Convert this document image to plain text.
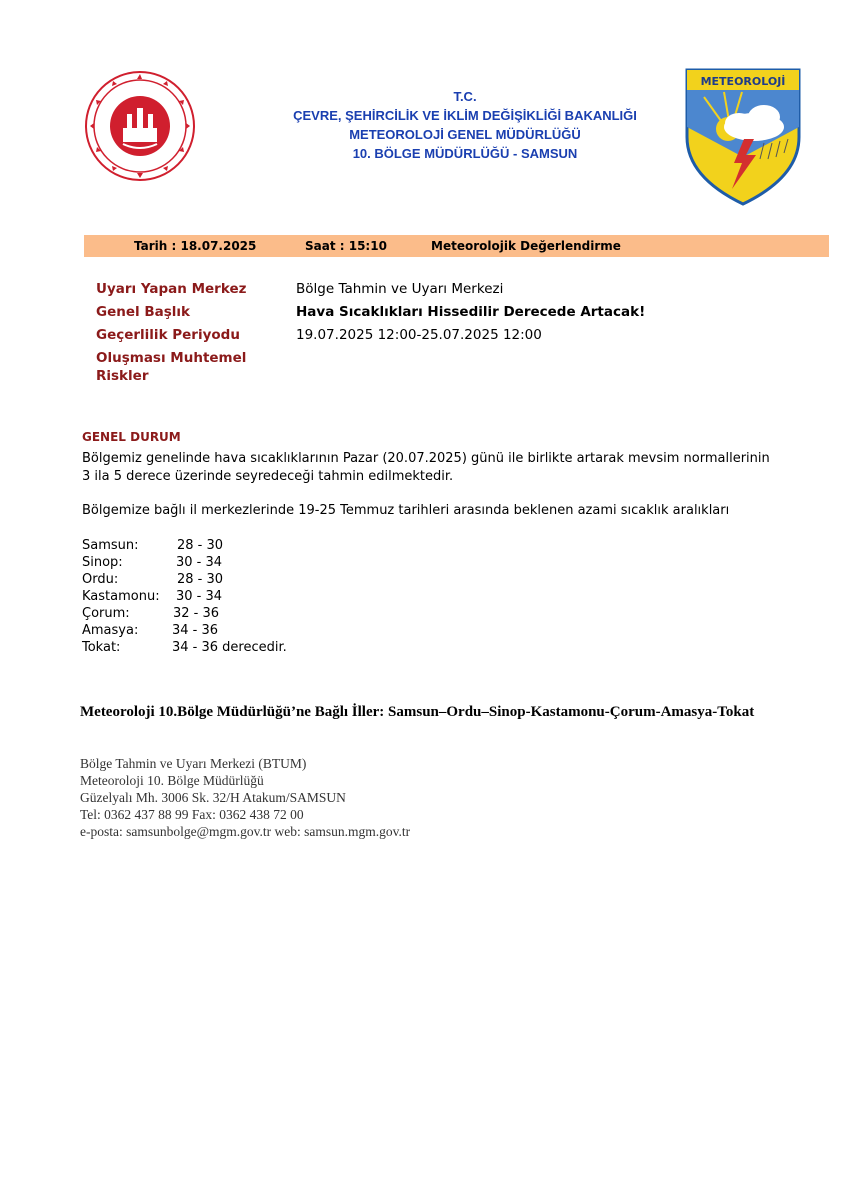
T.C.
ÇEVRE, ŞEHİRCİLİK VE İKLİM DEĞİŞİKLİĞİ BAKANLIĞI
METEOROLOJİ GENEL MÜDÜRLÜĞÜ
10. BÖLGE MÜDÜRLÜĞÜ - SAMSUN
METEOROLOJİ
Tarih : 18.07.2025	Saat : 15:10	Meteorolojik Değerlendirme
Uyarı Yapan Merkez	Bölge Tahmin ve Uyarı Merkezi
Genel Başlık	Hava Sıcaklıkları Hissedilir Derecede Artacak!
Geçerlilik Periyodu	19.07.2025 12:00-25.07.2025 12:00
Oluşması Muhtemel Riskler
GENEL DURUM
Bölgemiz genelinde hava sıcaklıklarının Pazar (20.07.2025) günü ile birlikte artarak mevsim normallerinin 3 ila 5 derece üzerinde seyredeceği tahmin edilmektedir.
Bölgemize bağlı il merkezlerinde 19-25 Temmuz tarihleri arasında beklenen azami sıcaklık aralıkları
Samsun:	28 - 30
Sinop:	30 - 34
Ordu:	28 - 30
Kastamonu: 30 - 34
Çorum:	32 - 36
Amasya:	34 - 36
Tokat:	34 - 36 derecedir.
Meteoroloji 10.Bölge Müdürlüğü’ne Bağlı İller: Samsun–Ordu–Sinop-Kastamonu-Çorum-Amasya-Tokat
Bölge Tahmin ve Uyarı Merkezi (BTUM)
Meteoroloji 10. Bölge Müdürlüğü
Güzelyalı Mh. 3006 Sk. 32/H Atakum/SAMSUN
Tel: 0362 437 88 99 Fax: 0362 438 72 00
e-posta: samsunbolge@mgm.gov.tr web: samsun.mgm.gov.tr
